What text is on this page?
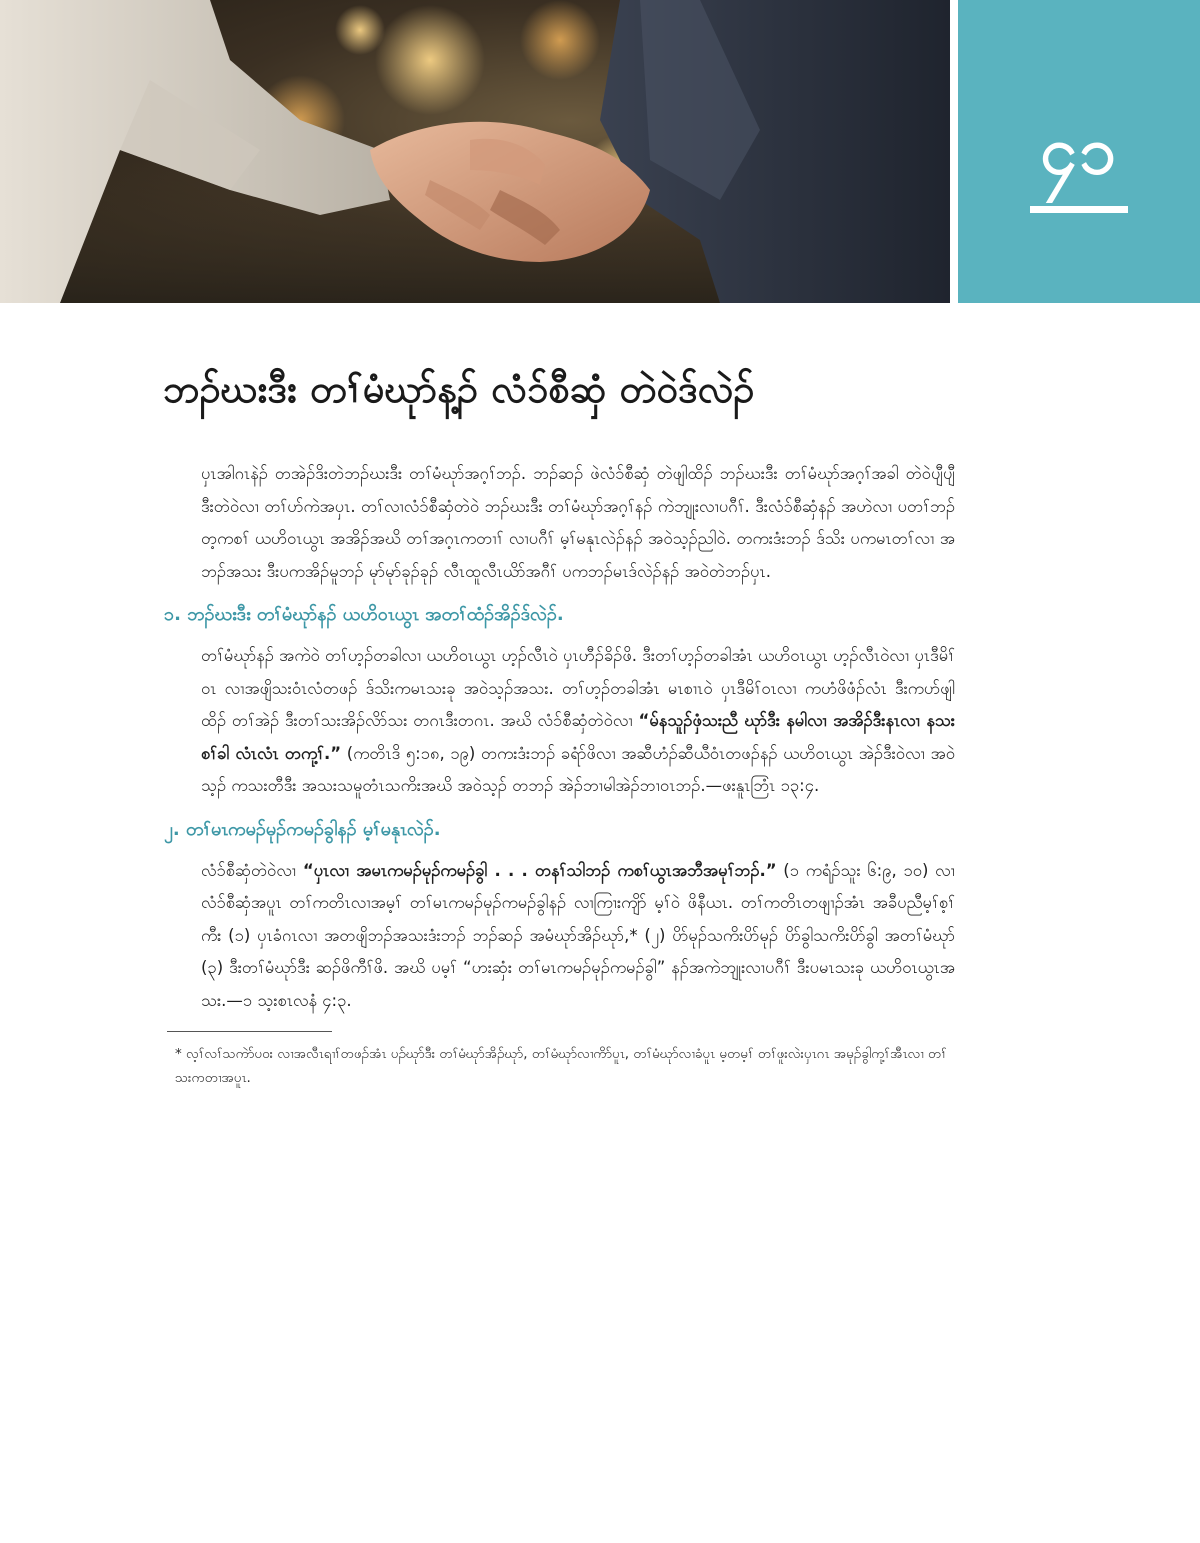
၄၁
ဘၣ်ဃးဒီး တၢ်မံဃုာ်န့ၣ် လံၥ်စီဆှံ တဲဝဲဒ်လဲၣ်

ပှၤအါဂၤနဲၣ် တအဲၣ်ဒိးတဲဘၣ်ဃးဒီး တၢ်မံဃုာ်အဂ့ၢ်ဘၣ်. ဘၣ်ဆၣ် ဖဲလံၥ်စီဆှံ တဲဖျါထိၣ် ဘၣ်ဃးဒီး တၢ်မံဃုာ်အဂ့ၢ်အခါ တဲဝဲပျီပျီ ဒီးတဲဝဲလၢ တၢ်ပာ်ကဲအပှၤ. တၢ်လၢလံၥ်စီဆှံတဲဝဲ ဘၣ်ဃးဒီး တၢ်မံဃုာ်အဂ့ၢ်နၣ် ကဲဘျုးလၢပဂီၢ်. ဒီးလံၥ်စီဆှံနၣ် အဟဲလၢ ပတၢ်ဘၣ်တ့ကစၢ် ယဟိဝၤယွၤ အအိၣ်အဃိ တၢ်အဂ့ၤကတၢၢ် လၢပဂီၢ် မ့ၢ်မနုၤလဲၣ်နၣ် အဝဲသ့ၣ်ညါဝဲ. တကးဒံးဘၣ် ဒ်သိး ပကမၤတၢ်လၢ အဘၣ်အသး ဒီးပကအိၣ်မူဘၣ် မုာ်မုာ်ခုၣ်ခုၣ် လီၤထူလီၤယိာ်အဂီၢ် ပကဘၣ်မၤဒ်လဲၣ်နၣ် အဝဲတဲဘၣ်ပှၤ.

၁. ဘၣ်ဃးဒီး တၢ်မံဃုာ်နၣ် ယဟိဝၤယွၤ အတၢ်ထံၣ်အိၣ်ဒ်လဲၣ်.

တၢ်မံဃုာ်နၣ် အကဲဝဲ တၢ်ဟ့ၣ်တခါလၢ ယဟိဝၤယွၤ ဟ့ၣ်လီၤဝဲ ပှၤဟီၣ်ခိၣ်ဖိ. ဒီးတၢ်ဟ့ၣ်တခါအံၤ ယဟိဝၤယွၤ ဟ့ၣ်လီၤဝဲလၢ ပှၤဒီမိၢ်ဝၤ လၢအဖျိသးဝံၤလံတဖၣ် ဒ်သိးကမၤသးခု အဝဲသ့ၣ်အသး. တၢ်ဟ့ၣ်တခါအံၤ မၤစၢၤဝဲ ပှၤဒီမိၢ်ဝၤလၢ ကဟံဖိဖံၣ်လံၤ ဒီးကပာ်ဖျါထိၣ် တၢ်အဲၣ် ဒီးတၢ်သးအိၣ်လိာ်သး တဂၤဒီးတဂၤ. အဃိ လံၥ်စီဆှံတဲဝဲလၢ “မ်နသူၣ်ဖှံသးညီ ဃုာ်ဒီး နမါလၢ အအိၣ်ဒီးနၤလၢ နသးစၢ်ခါ လံၤလံၤ တကု့ၢ်.” (ကတိၤဒိ ၅:၁၈, ၁၉) တကးဒံးဘၣ် ခရံာ်ဖိလၢ အဆီဟံၣ်ဆီယီဝံၤတဖၣ်နၣ် ယဟိဝၤယွၤ အဲၣ်ဒီးဝဲလၢ အဝဲသ့ၣ် ကသးတီဒီး အသးသမူတံၤသကိးအဃိ အဝဲသ့ၣ် တဘၣ် အဲၣ်ဘၢမါအဲၣ်ဘၢဝၤဘၣ်.—ဖးနူၤဘြံၤ ၁၃:၄.

၂. တၢ်မၤကမၣ်မုၣ်ကမၣ်ခွါနၣ် မ့ၢ်မနုၤလဲၣ်.

လံၥ်စီဆှံတဲဝဲလၢ “ပှၤလၢ အမၤကမၣ်မုၣ်ကမၣ်ခွါ . . . တနၢ်သါဘၣ် ကစၢ်ယွၤအဘီအမုၢ်ဘၣ်.” (၁ ကရံၣ်သူး ၆:၉, ၁၀) လၢလံၥ်စီဆှံအပူၤ တၢ်ကတိၤလၢအမ့ၢ် တၢ်မၤကမၣ်မုၣ်ကမၣ်ခွါနၣ် လၢကြၢးကျိာ် မ့ၢ်ဝဲ ဖိနီယၤ. တၢ်ကတိၤတဖျၢၣ်အံၤ အခီပညီမ့ၢ်စ့ၢ်ကီး (၁) ပှၤခံဂၤလၢ အတဖျိဘၣ်အသးဒံးဘၣ် ဘၣ်ဆၣ် အမံဃုာ်အိၣ်ဃုာ်,* (၂) ပိာ်မုၣ်သကိးပိာ်မုၣ် ပိာ်ခွါသကိးပိာ်ခွါ အတၢ်မံဃုာ် (၃) ဒီးတၢ်မံဃုာ်ဒီး ဆၣ်ဖိကီၢ်ဖိ. အဃိ ပမ့ၢ် “ဟးဆှံး တၢ်မၤကမၣ်မုၣ်ကမၣ်ခွါ” နၣ်အကဲဘျုးလၢပဂီၢ် ဒီးပမၤသးခု ယဟိဝၤယွၤအသး.—၁ သ့းစၤလနံ ၄:၃.

* လ့ၢ်လၢ်သကဲာ်ပဝး လၢအလီၤရၢၢ်တဖၣ်အံၤ ပၣ်ဃုာ်ဒီး တၢ်မံဃုာ်အိၣ်ဃုာ်, တၢ်မံဃုာ်လၢကိာ်ပူၤ, တၢ်မံဃုာ်လၢခံပူၤ မ့တမ့ၢ် တၢ်ဖူးလဲးပှၤဂၤ အမုၣ်ခွါကု့ၢ်အီၤလၢ တၢ်သးကတၢအပူၤ.
